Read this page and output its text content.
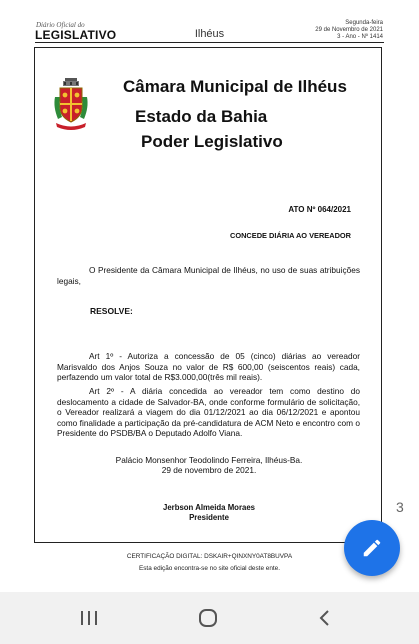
Diário Oficial do
LEGISLATIVO	Ilhéus
Segunda-feira
29 de Novembro de 2021
3 - Ano - Nº 1414
Câmara Municipal de Ilhéus
Estado da Bahia
Poder Legislativo
ATO Nº 064/2021
CONCEDE DIÁRIA AO VEREADOR
O Presidente da Câmara Municipal de Ilhéus, no uso de suas atribuições legais,
RESOLVE:
Art 1º - Autoriza a concessão de 05 (cinco) diárias ao vereador Marisvaldo dos Anjos Souza no valor de R$ 600,00 (seiscentos reais) cada, perfazendo um valor total de R$3.000,00(três mil reais).
Art 2º - A diária concedida ao vereador tem como destino do deslocamento a cidade de Salvador-BA, onde conforme formulário de solicitação, o Vereador realizará a viagem do dia 01/12/2021 ao dia 06/12/2021 e apontou como finalidade a participação da pré-candidatura de ACM Neto e encontro com o Presidente do PSDB/BA o Deputado Adolfo Viana.
Palácio Monsenhor Teodolindo Ferreira, Ilhéus-Ba.
29 de novembro de 2021.
Jerbson Almeida Moraes
Presidente
CERTIFICAÇÃO DIGITAL: DSKAIR+QINXNY0AT8BUVPA
Esta edição encontra-se no site oficial deste ente.
3
